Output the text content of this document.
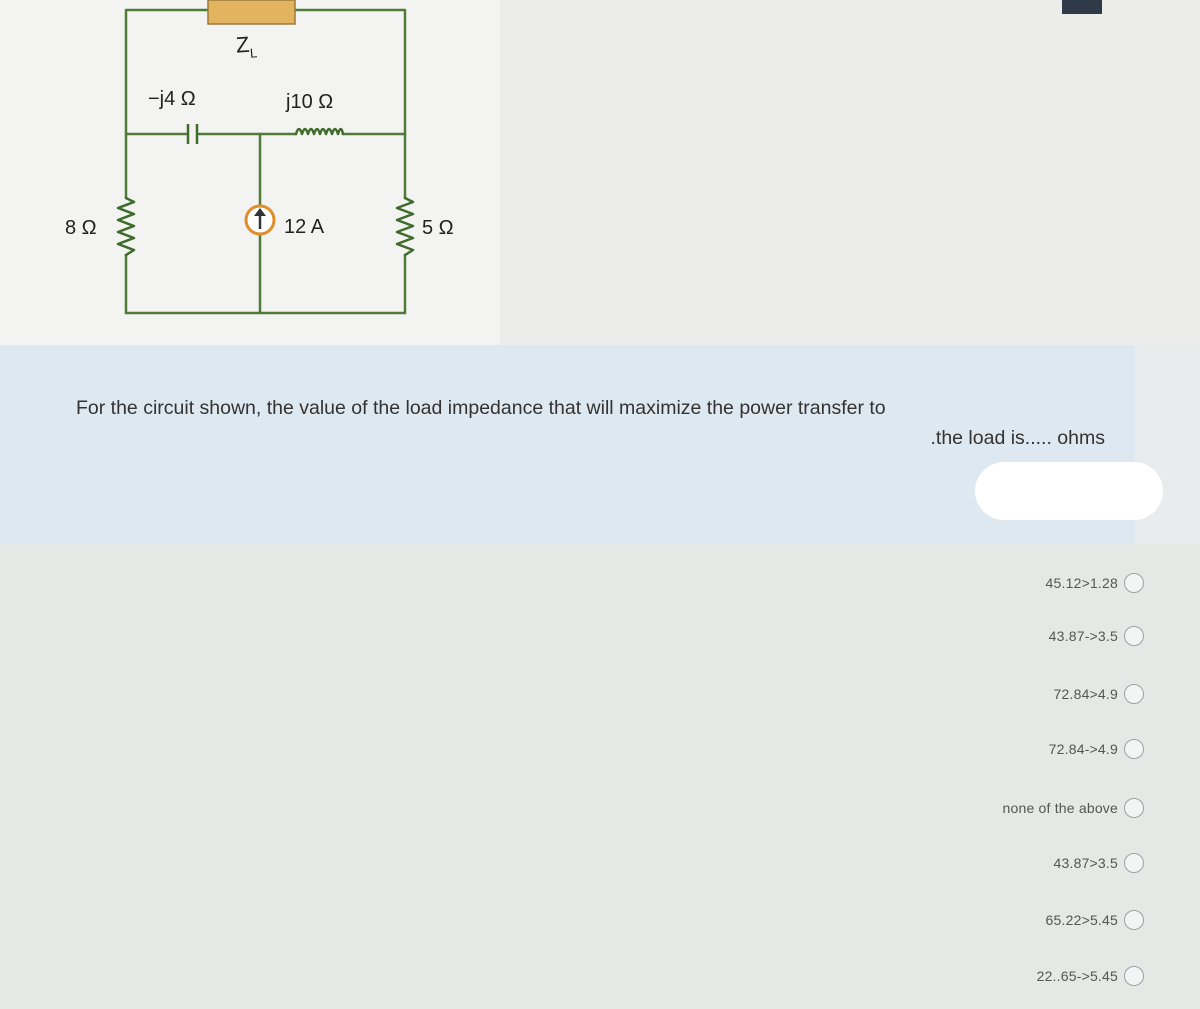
$Z_L$
−j4 Ω	j10 Ω
8 Ω	12 A	5 Ω
For the circuit shown, the value of the load impedance that will maximize the power transfer to
.the load is..... ohms
45.12>1.28
43.87->3.5
72.84>4.9
72.84->4.9
none of the above
43.87>3.5
65.22>5.45
22..65->5.45
